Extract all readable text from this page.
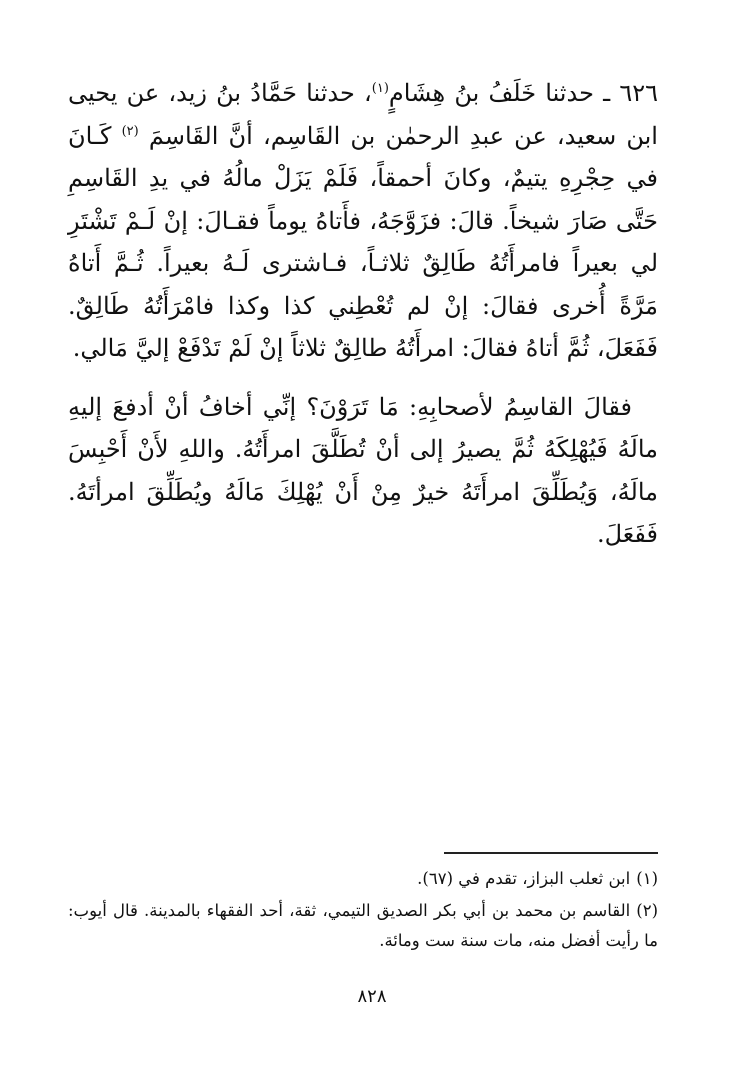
٦٢٦ ـ حدثنا خَلَفُ بنُ هِشَامٍ$^{(١)}$، حدثنا حَمَّادُ بنُ زيد، عن يحيى ابن سعيد، عن عبدِ الرحمٰن بن القَاسِم، أنَّ القَاسِمَ $^{(٢)}$ كَـانَ في حِجْرِهِ يتيمٌ، وكانَ أحمقاً، فَلَمْ يَزَلْ مالُهُ في يدِ القَاسِمِ حَتَّى صَارَ شيخاً. قالَ: فزَوَّجَهُ، فأَتاهُ يوماً فقـالَ: إنْ لَـمْ تَشْتَرِ لي بعيراً فامرأَتُهُ طَالِقٌ ثلاثـاً، فـاشترى لَـهُ بعيراً. ثُـمَّ أَتاهُ مَرَّةً أُخرى فقالَ: إنْ لم تُعْطِني كذا وكذا فامْرَأَتُهُ طَالِقٌ. فَفَعَلَ، ثُمَّ أتاهُ فقالَ: امرأَتُهُ طالِقٌ ثلاثاً إنْ لَمْ تَدْفَعْ إليَّ مَالي.

فقالَ القاسِمُ لأصحابِهِ: مَا تَرَوْنَ؟ إنِّي أخافُ أنْ أدفعَ إليهِ مالَهُ فَيُهْلِكَهُ ثُمَّ يصيرُ إلى أنْ تُطَلَّقَ امرأَتُهُ. واللهِ لأَنْ أَحْبِسَ مالَهُ، وَيُطَلِّقَ امرأَتَهُ خيرٌ مِنْ أَنْ يُهْلِكَ مَالَهُ ويُطَلِّقَ امرأتَهُ. فَفَعَلَ.

(١)ابن ثعلب البزاز، تقدم في (٦٧).

(٢)القاسم بن محمد بن أبي بكر الصديق التيمي، ثقة، أحد الفقهاء بالمدينة. قال أيوب: ما رأيت أفضل منه، مات سنة ست ومائة.

٨٢٨
